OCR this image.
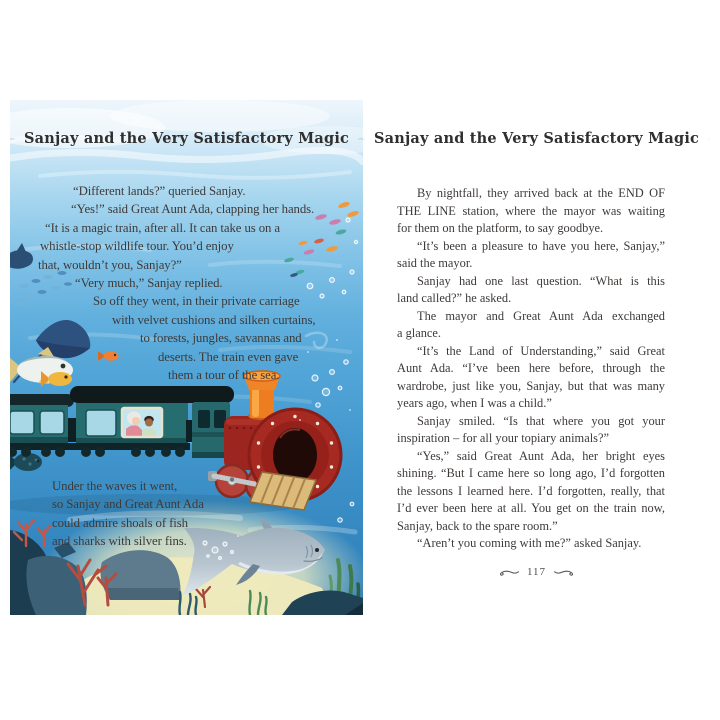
Sanjay and the Very Satisfactory Magic
“Different lands?” queried Sanjay.
“Yes!” said Great Aunt Ada, clapping her hands.
“It is a magic train, after all. It can take us on a
whistle-stop wildlife tour. You’d enjoy
that, wouldn’t you, Sanjay?”
“Very much,” Sanjay replied.
So off they went, in their private carriage
with velvet cushions and silken curtains,
to forests, jungles, savannas and
deserts. The train even gave
them a tour of the sea.
Under the waves it went,
so Sanjay and Great Aunt Ada
could admire shoals of fish
and sharks with silver fins.
Sanjay and the Very Satisfactory Magic
By nightfall, they arrived back at the END OF
THE LINE station, where the mayor was waiting
for them on the platform, to say goodbye.
“It’s been a pleasure to have you here, Sanjay,”
said the mayor.
Sanjay had one last question. “What is this
land called?” he asked.
The mayor and Great Aunt Ada exchanged
a glance.
“It’s the Land of Understanding,” said Great
Aunt Ada. “I’ve been here before, through the
wardrobe, just like you, Sanjay, but that was many
years ago, when I was a child.”
Sanjay smiled. “Is that where you got your
inspiration – for all your topiary animals?”
“Yes,” said Great Aunt Ada, her bright eyes
shining. “But I came here so long ago, I’d forgotten
the lessons I learned here. I’d forgotten, really, that
I’d ever been here at all. You get on the train now,
Sanjay, back to the spare room.”
“Aren’t you coming with me?” asked Sanjay.
117
